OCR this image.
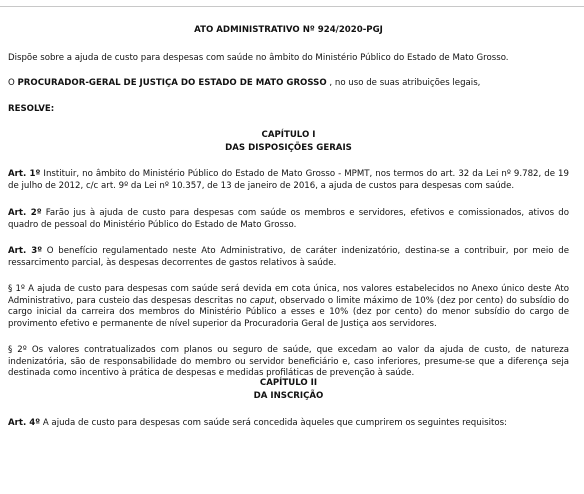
ATO ADMINISTRATIVO Nº 924/2020-PGJ

Dispõe sobre a ajuda de custo para despesas com saúde no âmbito do Ministério Público do Estado de Mato Grosso.

O PROCURADOR-GERAL DE JUSTIÇA DO ESTADO DE MATO GROSSO , no uso de suas atribuições legais,

RESOLVE:

CAPÍTULO I

DAS DISPOSIÇÕES GERAIS

Art. 1º Instituir, no âmbito do Ministério Público do Estado de Mato Grosso - MPMT, nos termos do art. 32 da Lei nº 9.782, de 19 de julho de 2012, c/c art. 9º da Lei nº 10.357, de 13 de janeiro de 2016, a ajuda de custos para despesas com saúde.

Art. 2º Farão jus à ajuda de custo para despesas com saúde os membros e servidores, efetivos e comissionados, ativos do quadro de pessoal do Ministério Público do Estado de Mato Grosso.

Art. 3º O benefício regulamentado neste Ato Administrativo, de caráter indenizatório, destina-se a contribuir, por meio de ressarcimento parcial, às despesas decorrentes de gastos relativos à saúde.

§ 1º A ajuda de custo para despesas com saúde será devida em cota única, nos valores estabelecidos no Anexo único deste Ato Administrativo, para custeio das despesas descritas no caput, observado o limite máximo de 10% (dez por cento) do subsídio do cargo inicial da carreira dos membros do Ministério Público a esses e 10% (dez por cento) do menor subsídio do cargo de provimento efetivo e permanente de nível superior da Procuradoria Geral de Justiça aos servidores.

§ 2º Os valores contratualizados com planos ou seguro de saúde, que excedam ao valor da ajuda de custo, de natureza indenizatória, são de responsabilidade do membro ou servidor beneficiário e, caso inferiores, presume-se que a diferença seja destinada como incentivo à prática de despesas e medidas profiláticas de prevenção à saúde.

CAPÍTULO II

DA INSCRIÇÃO

Art. 4º A ajuda de custo para despesas com saúde será concedida àqueles que cumprirem os seguintes requisitos:
